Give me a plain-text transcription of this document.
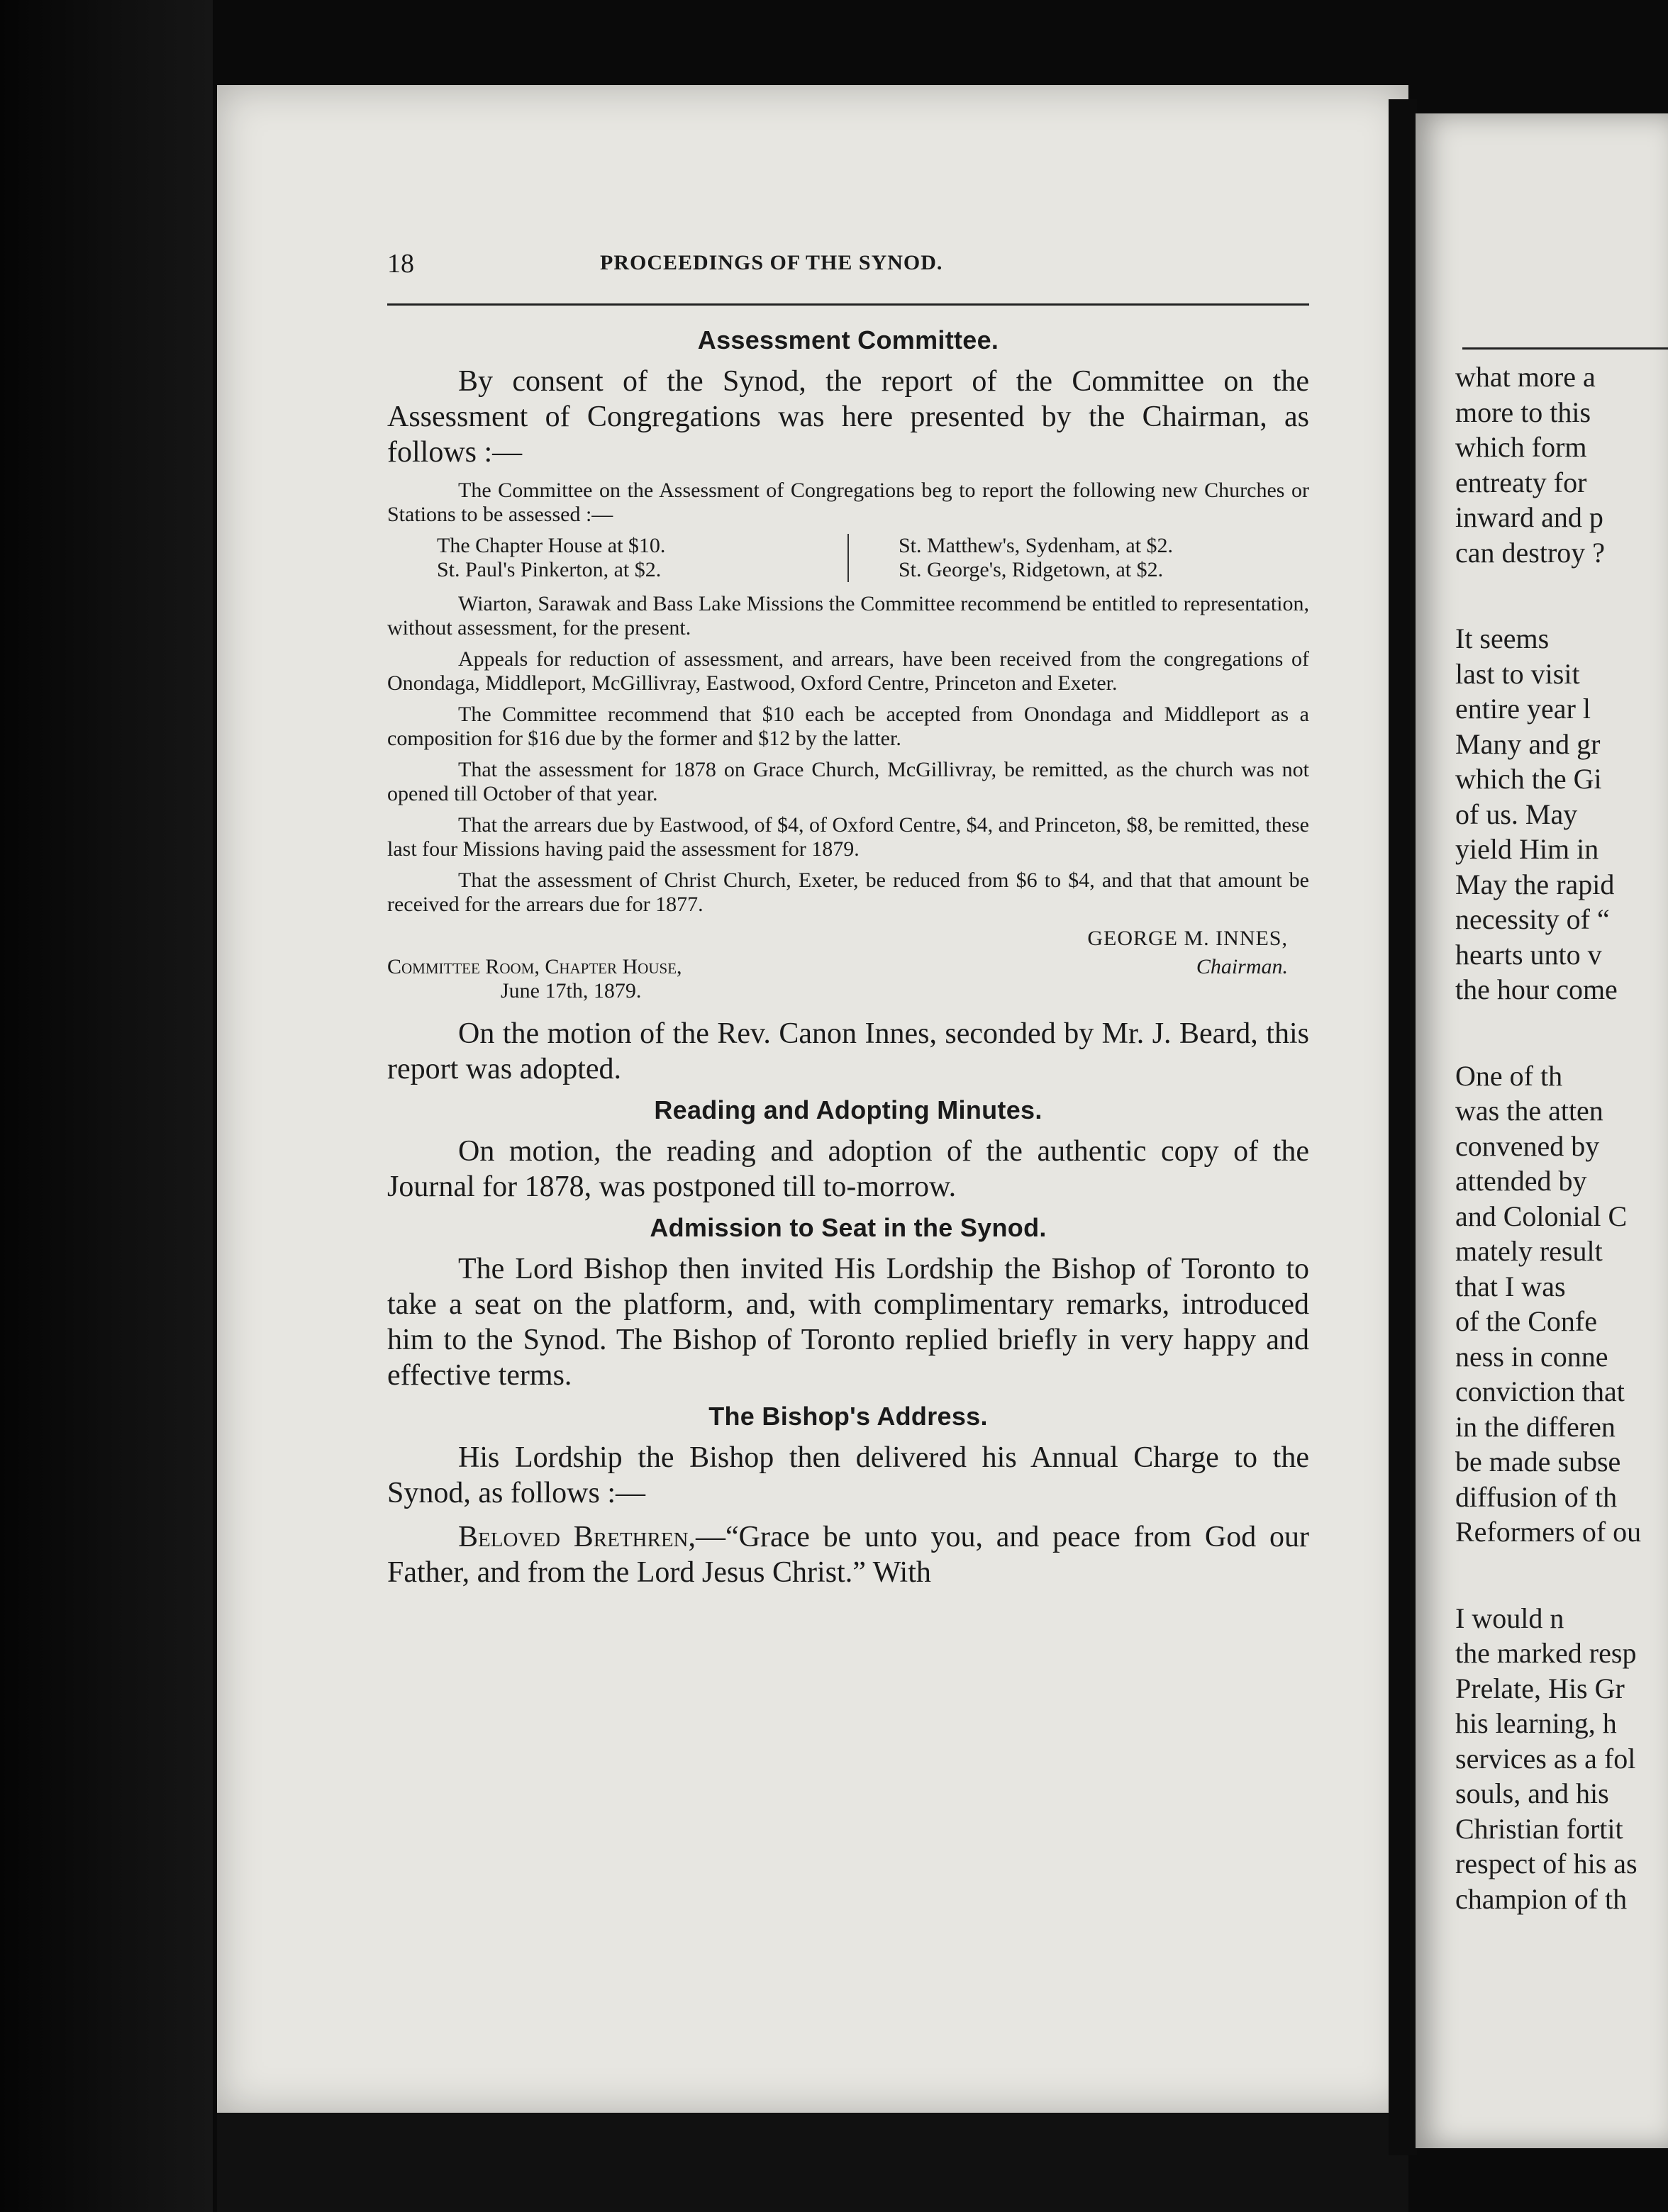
18	PROCEEDINGS OF THE SYNOD.
Assessment Committee.

By consent of the Synod, the report of the Committee on the Assessment of Congregations was here presented by the Chairman, as follows :—

The Committee on the Assessment of Congregations beg to report the following new Churches or Stations to be assessed :—

The Chapter House at $10.
St. Paul's Pinkerton, at $2.
St. Matthew's, Sydenham, at $2.
St. George's, Ridgetown, at $2.

Wiarton, Sarawak and Bass Lake Missions the Committee recommend be entitled to representation, without assessment, for the present.

Appeals for reduction of assessment, and arrears, have been received from the congregations of Onondaga, Middleport, McGillivray, Eastwood, Oxford Centre, Princeton and Exeter.

The Committee recommend that $10 each be accepted from Onondaga and Middleport as a composition for $16 due by the former and $12 by the latter.

That the assessment for 1878 on Grace Church, McGillivray, be remitted, as the church was not opened till October of that year.

That the arrears due by Eastwood, of $4, of Oxford Centre, $4, and Princeton, $8, be remitted, these last four Missions having paid the assessment for 1879.

That the assessment of Christ Church, Exeter, be reduced from $6 to $4, and that that amount be received for the arrears due for 1877.

GEORGE M. INNES,
Committee Room, Chapter House,
June 17th, 1879.
Chairman.

On the motion of the Rev. Canon Innes, seconded by Mr. J. Beard, this report was adopted.

Reading and Adopting Minutes.

On motion, the reading and adoption of the authentic copy of the Journal for 1878, was postponed till to-morrow.

Admission to Seat in the Synod.

The Lord Bishop then invited His Lordship the Bishop of Toronto to take a seat on the platform, and, with complimentary remarks, introduced him to the Synod. The Bishop of Toronto replied briefly in very happy and effective terms.

The Bishop's Address.

His Lordship the Bishop then delivered his Annual Charge to the Synod, as follows :—

Beloved Brethren,—“Grace be unto you, and peace from God our Father, and from the Lord Jesus Christ.” With

what more a
more to this
which form
entreaty for
inward and p
can destroy ?
It seems
last to visit
entire year l
Many and gr
which the Gi
of us. May
yield Him in
May the rapid
necessity of “
hearts unto v
the hour come
One of th
was the atten
convened by
attended by
and Colonial C
mately result
that I was
of the Confe
ness in conne
conviction that
in the differen
be made subse
diffusion of th
Reformers of ou
I would n
the marked resp
Prelate, His Gr
his learning, h
services as a fol
souls, and his
Christian fortit
respect of his as
champion of th
